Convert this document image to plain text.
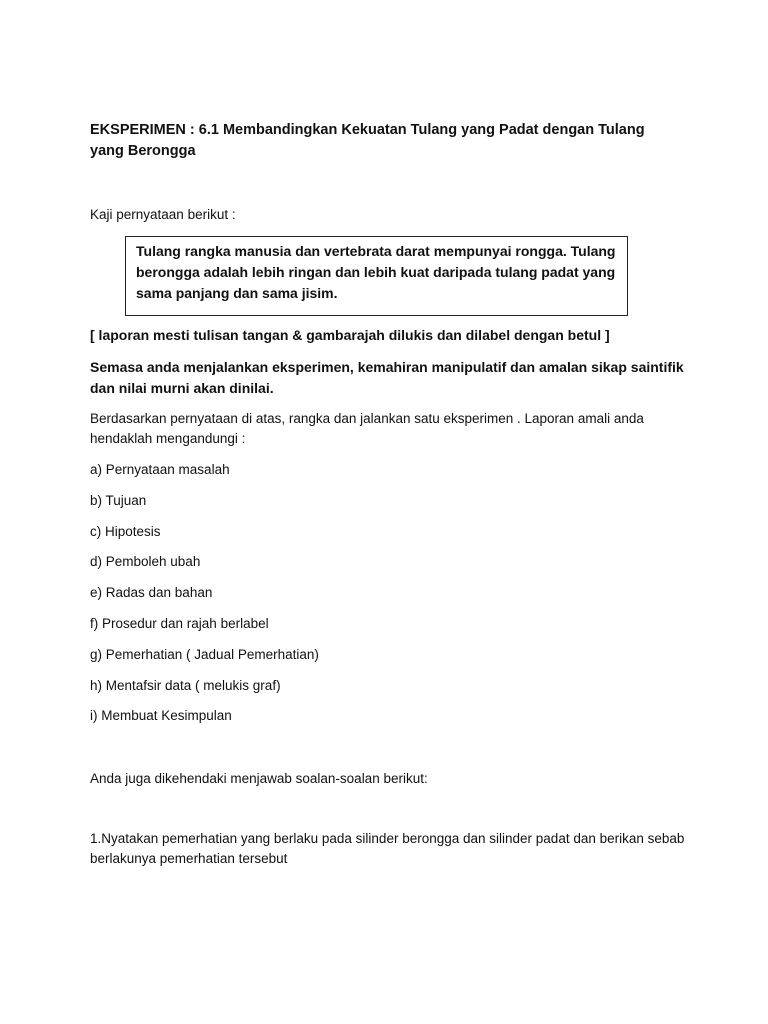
EKSPERIMEN : 6.1 Membandingkan Kekuatan Tulang yang Padat dengan Tulang yang Berongga
Kaji pernyataan berikut :
Tulang rangka manusia dan vertebrata darat mempunyai rongga. Tulang berongga adalah lebih ringan dan lebih kuat daripada tulang padat yang sama panjang dan sama jisim.
[ laporan mesti tulisan tangan & gambarajah dilukis dan dilabel dengan betul ]
Semasa anda menjalankan eksperimen, kemahiran manipulatif dan amalan sikap saintifik dan nilai murni akan dinilai.
Berdasarkan pernyataan di atas, rangka dan jalankan satu eksperimen . Laporan amali anda hendaklah mengandungi :
a) Pernyataan masalah
b) Tujuan
c) Hipotesis
d) Pemboleh ubah
e) Radas dan bahan
f) Prosedur dan rajah berlabel
g) Pemerhatian ( Jadual Pemerhatian)
h) Mentafsir data ( melukis graf)
i) Membuat Kesimpulan
Anda juga dikehendaki menjawab soalan-soalan berikut:
1.Nyatakan pemerhatian yang berlaku pada silinder berongga dan silinder padat dan berikan sebab berlakunya pemerhatian tersebut
